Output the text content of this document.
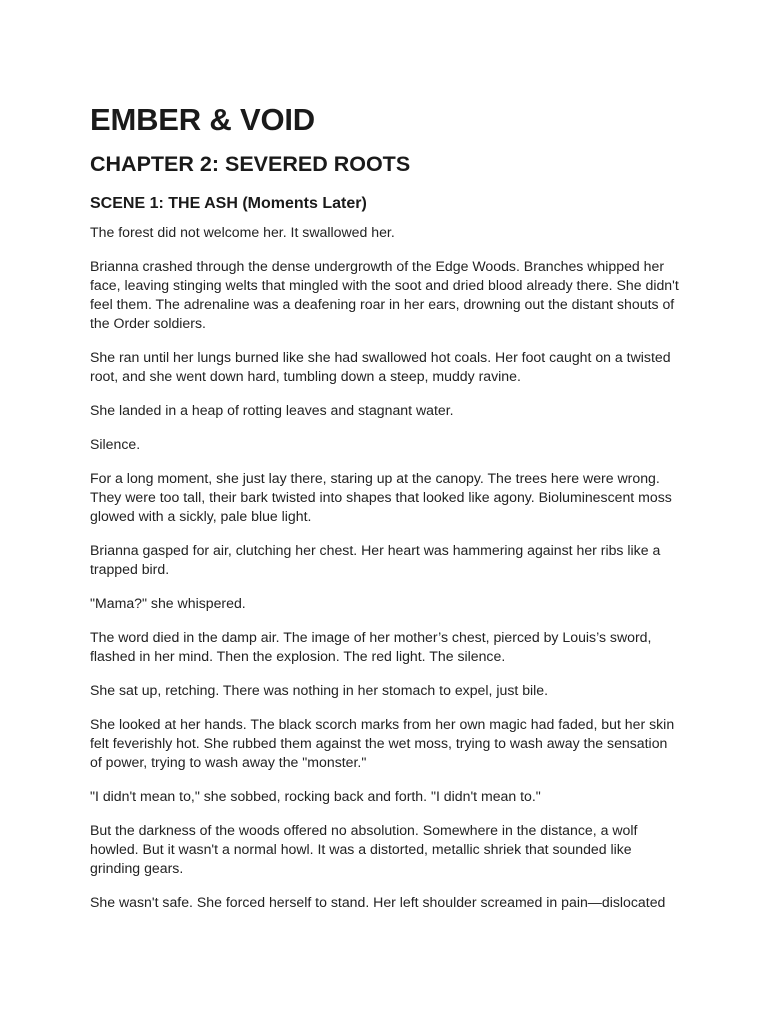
EMBER & VOID
CHAPTER 2: SEVERED ROOTS
SCENE 1: THE ASH (Moments Later)

The forest did not welcome her. It swallowed her.

Brianna crashed through the dense undergrowth of the Edge Woods. Branches whipped her face, leaving stinging welts that mingled with the soot and dried blood already there. She didn't feel them. The adrenaline was a deafening roar in her ears, drowning out the distant shouts of the Order soldiers.

She ran until her lungs burned like she had swallowed hot coals. Her foot caught on a twisted root, and she went down hard, tumbling down a steep, muddy ravine.

She landed in a heap of rotting leaves and stagnant water.

Silence.

For a long moment, she just lay there, staring up at the canopy. The trees here were wrong. They were too tall, their bark twisted into shapes that looked like agony. Bioluminescent moss glowed with a sickly, pale blue light.

Brianna gasped for air, clutching her chest. Her heart was hammering against her ribs like a trapped bird.

"Mama?" she whispered.

The word died in the damp air. The image of her mother’s chest, pierced by Louis’s sword, flashed in her mind. Then the explosion. The red light. The silence.

She sat up, retching. There was nothing in her stomach to expel, just bile.

She looked at her hands. The black scorch marks from her own magic had faded, but her skin felt feverishly hot. She rubbed them against the wet moss, trying to wash away the sensation of power, trying to wash away the "monster."

"I didn't mean to," she sobbed, rocking back and forth. "I didn't mean to."

But the darkness of the woods offered no absolution. Somewhere in the distance, a wolf howled. But it wasn't a normal howl. It was a distorted, metallic shriek that sounded like grinding gears.

She wasn't safe. She forced herself to stand. Her left shoulder screamed in pain—dislocated
